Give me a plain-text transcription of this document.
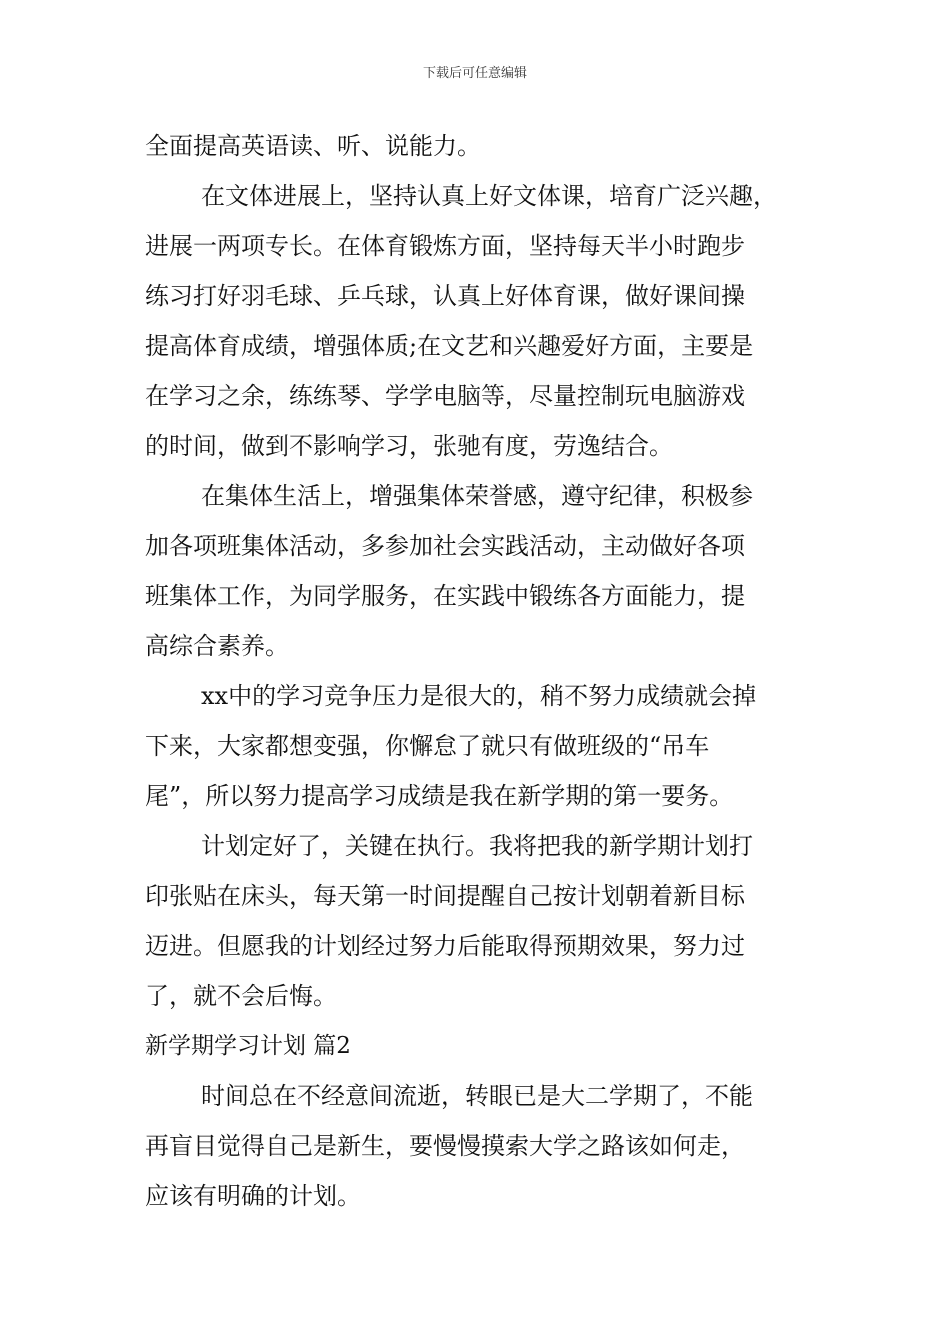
下载后可任意编辑
全面提高英语读、听、说能力。
在文体进展上，坚持认真上好文体课，培育广泛兴趣，
进展一两项专长。在体育锻炼方面，坚持每天半小时跑步
练习打好羽毛球、乒乓球，认真上好体育课，做好课间操
提高体育成绩，增强体质;在文艺和兴趣爱好方面，主要是
在学习之余，练练琴、学学电脑等，尽量控制玩电脑游戏
的时间，做到不影响学习，张驰有度，劳逸结合。
在集体生活上，增强集体荣誉感，遵守纪律，积极参
加各项班集体活动，多参加社会实践活动，主动做好各项
班集体工作，为同学服务，在实践中锻练各方面能力，提
高综合素养。
xx中的学习竞争压力是很大的，稍不努力成绩就会掉
下来，大家都想变强，你懈怠了就只有做班级的“吊车
尾”，所以努力提高学习成绩是我在新学期的第一要务。
计划定好了，关键在执行。我将把我的新学期计划打
印张贴在床头，每天第一时间提醒自己按计划朝着新目标
迈进。但愿我的计划经过努力后能取得预期效果，努力过
了，就不会后悔。
新学期学习计划 篇2
时间总在不经意间流逝，转眼已是大二学期了，不能
再盲目觉得自己是新生，要慢慢摸索大学之路该如何走，
应该有明确的计划。
